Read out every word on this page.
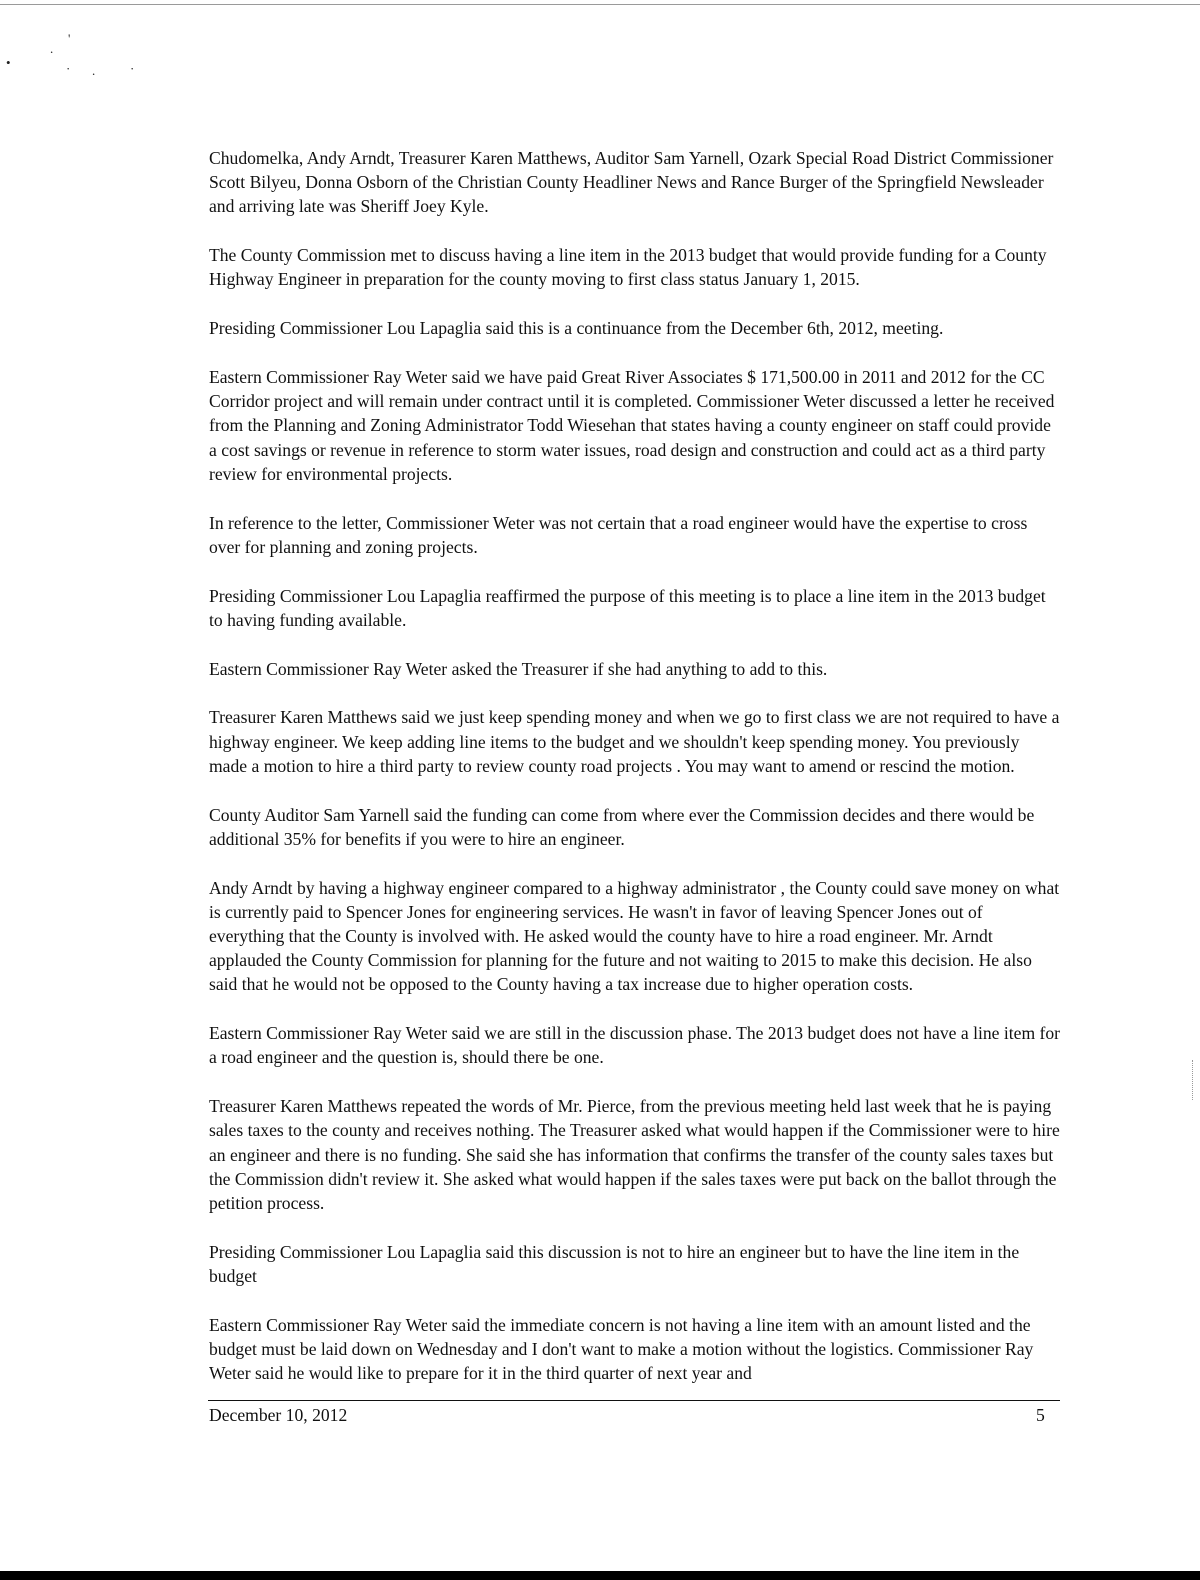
.
'
•	· .	·

Chudomelka, Andy Arndt, Treasurer Karen Matthews, Auditor Sam Yarnell, Ozark Special Road District Commissioner Scott Bilyeu, Donna Osborn of the Christian County Headliner News and Rance Burger of the Springfield Newsleader and arriving late was Sheriff Joey Kyle.

The County Commission met to discuss having a line item in the 2013 budget that would provide funding for a County Highway Engineer in preparation for the county moving to first class status January 1, 2015.

Presiding Commissioner Lou Lapaglia said this is a continuance from the December 6th, 2012, meeting.

Eastern Commissioner Ray Weter said we have paid Great River Associates $ 171,500.00 in 2011 and 2012 for the CC Corridor project and will remain under contract until it is completed. Commissioner Weter discussed a letter he received from the Planning and Zoning Administrator Todd Wiesehan that states having a county engineer on staff could provide a cost savings or revenue in reference to storm water issues, road design and construction and could act as a third party review for environmental projects.

In reference to the letter, Commissioner Weter was not certain that a road engineer would have the expertise to cross over for planning and zoning projects.

Presiding Commissioner Lou Lapaglia reaffirmed the purpose of this meeting is to place a line item in the 2013 budget to having funding available.

Eastern Commissioner Ray Weter asked the Treasurer if she had anything to add to this.

Treasurer Karen Matthews said we just keep spending money and when we go to first class we are not required to have a highway engineer. We keep adding line items to the budget and we shouldn't keep spending money. You previously made a motion to hire a third party to review county road projects . You may want to amend or rescind the motion.

County Auditor Sam Yarnell said the funding can come from where ever the Commission decides and there would be additional 35% for benefits if you were to hire an engineer.

Andy Arndt by having a highway engineer compared to a highway administrator , the County could save money on what is currently paid to Spencer Jones for engineering services. He wasn't in favor of leaving Spencer Jones out of everything that the County is involved with. He asked would the county have to hire a road engineer. Mr. Arndt applauded the County Commission for planning for the future and not waiting to 2015 to make this decision. He also said that he would not be opposed to the County having a tax increase due to higher operation costs.

Eastern Commissioner Ray Weter said we are still in the discussion phase. The 2013 budget does not have a line item for a road engineer and the question is, should there be one.

Treasurer Karen Matthews repeated the words of Mr. Pierce, from the previous meeting held last week that he is paying sales taxes to the county and receives nothing. The Treasurer asked what would happen if the Commissioner were to hire an engineer and there is no funding. She said she has information that confirms the transfer of the county sales taxes but the Commission didn't review it. She asked what would happen if the sales taxes were put back on the ballot through the petition process.

Presiding Commissioner Lou Lapaglia said this discussion is not to hire an engineer but to have the line item in the budget

Eastern Commissioner Ray Weter said the immediate concern is not having a line item with an amount listed and the budget must be laid down on Wednesday and I don't want to make a motion without the logistics. Commissioner Ray Weter said he would like to prepare for it in the third quarter of next year and

December 10, 2012	5
